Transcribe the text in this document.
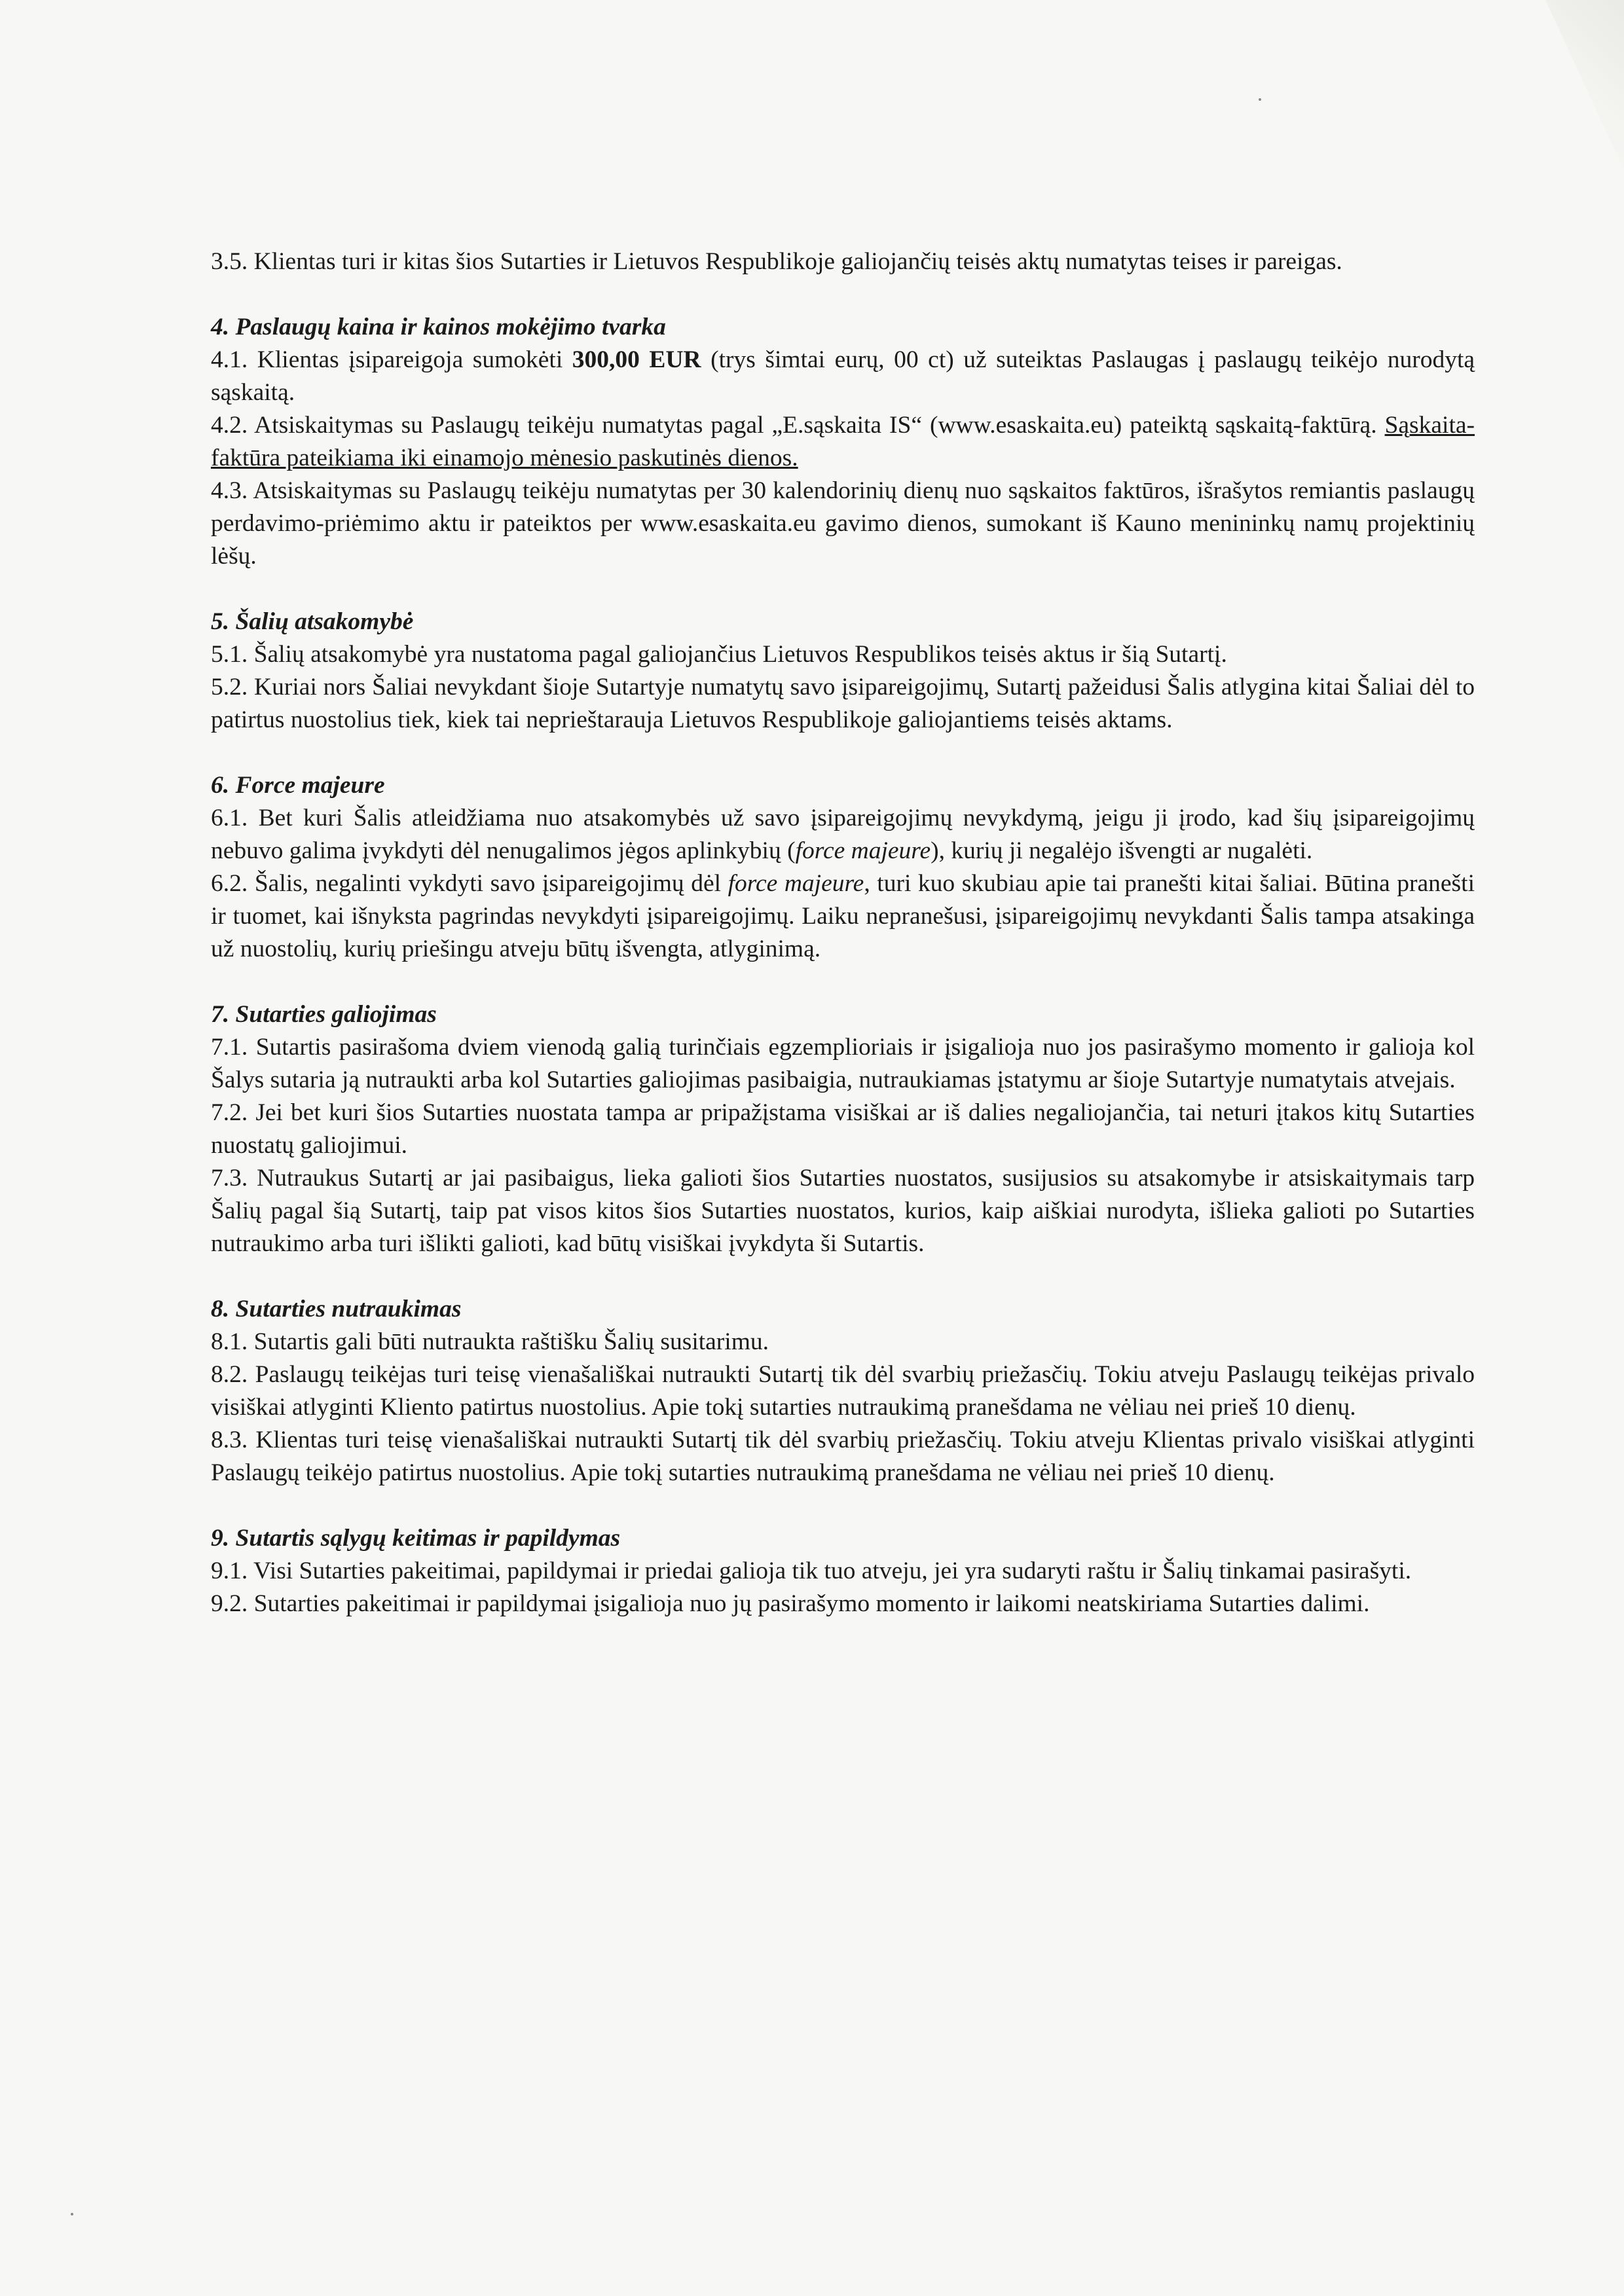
3.5. Klientas turi ir kitas šios Sutarties ir Lietuvos Respublikoje galiojančių teisės aktų numatytas teises ir pareigas.

4. Paslaugų kaina ir kainos mokėjimo tvarka

4.1. Klientas įsipareigoja sumokėti 300,00 EUR (trys šimtai eurų, 00 ct) už suteiktas Paslaugas į paslaugų teikėjo nurodytą sąskaitą.

4.2. Atsiskaitymas su Paslaugų teikėju numatytas pagal „E.sąskaita IS“ (www.esaskaita.eu) pateiktą sąskaitą-faktūrą. Sąskaita-faktūra pateikiama iki einamojo mėnesio paskutinės dienos.

4.3. Atsiskaitymas su Paslaugų teikėju numatytas per 30 kalendorinių dienų nuo sąskaitos faktūros, išrašytos remiantis paslaugų perdavimo-priėmimo aktu ir pateiktos per www.esaskaita.eu gavimo dienos, sumokant iš Kauno menininkų namų projektinių lėšų.

5. Šalių atsakomybė

5.1. Šalių atsakomybė yra nustatoma pagal galiojančius Lietuvos Respublikos teisės aktus ir šią Sutartį.

5.2. Kuriai nors Šaliai nevykdant šioje Sutartyje numatytų savo įsipareigojimų, Sutartį pažeidusi Šalis atlygina kitai Šaliai dėl to patirtus nuostolius tiek, kiek tai neprieštarauja Lietuvos Respublikoje galiojantiems teisės aktams.

6. Force majeure

6.1. Bet kuri Šalis atleidžiama nuo atsakomybės už savo įsipareigojimų nevykdymą, jeigu ji įrodo, kad šių įsipareigojimų nebuvo galima įvykdyti dėl nenugalimos jėgos aplinkybių (force majeure), kurių ji negalėjo išvengti ar nugalėti.

6.2. Šalis, negalinti vykdyti savo įsipareigojimų dėl force majeure, turi kuo skubiau apie tai pranešti kitai šaliai. Būtina pranešti ir tuomet, kai išnyksta pagrindas nevykdyti įsipareigojimų. Laiku nepranešusi, įsipareigojimų nevykdanti Šalis tampa atsakinga už nuostolių, kurių priešingu atveju būtų išvengta, atlyginimą.

7. Sutarties galiojimas

7.1. Sutartis pasirašoma dviem vienodą galią turinčiais egzemplioriais ir įsigalioja nuo jos pasirašymo momento ir galioja kol Šalys sutaria ją nutraukti arba kol Sutarties galiojimas pasibaigia, nutraukiamas įstatymu ar šioje Sutartyje numatytais atvejais.

7.2. Jei bet kuri šios Sutarties nuostata tampa ar pripažįstama visiškai ar iš dalies negaliojančia, tai neturi įtakos kitų Sutarties nuostatų galiojimui.

7.3. Nutraukus Sutartį ar jai pasibaigus, lieka galioti šios Sutarties nuostatos, susijusios su atsakomybe ir atsiskaitymais tarp Šalių pagal šią Sutartį, taip pat visos kitos šios Sutarties nuostatos, kurios, kaip aiškiai nurodyta, išlieka galioti po Sutarties nutraukimo arba turi išlikti galioti, kad būtų visiškai įvykdyta ši Sutartis.

8. Sutarties nutraukimas

8.1. Sutartis gali būti nutraukta raštišku Šalių susitarimu.

8.2. Paslaugų teikėjas turi teisę vienašališkai nutraukti Sutartį tik dėl svarbių priežasčių. Tokiu atveju Paslaugų teikėjas privalo visiškai atlyginti Kliento patirtus nuostolius. Apie tokį sutarties nutraukimą pranešdama ne vėliau nei prieš 10 dienų.

8.3. Klientas turi teisę vienašališkai nutraukti Sutartį tik dėl svarbių priežasčių. Tokiu atveju Klientas privalo visiškai atlyginti Paslaugų teikėjo patirtus nuostolius. Apie tokį sutarties nutraukimą pranešdama ne vėliau nei prieš 10 dienų.

9. Sutartis sąlygų keitimas ir papildymas

9.1. Visi Sutarties pakeitimai, papildymai ir priedai galioja tik tuo atveju, jei yra sudaryti raštu ir Šalių tinkamai pasirašyti.

9.2. Sutarties pakeitimai ir papildymai įsigalioja nuo jų pasirašymo momento ir laikomi neatskiriama Sutarties dalimi.
